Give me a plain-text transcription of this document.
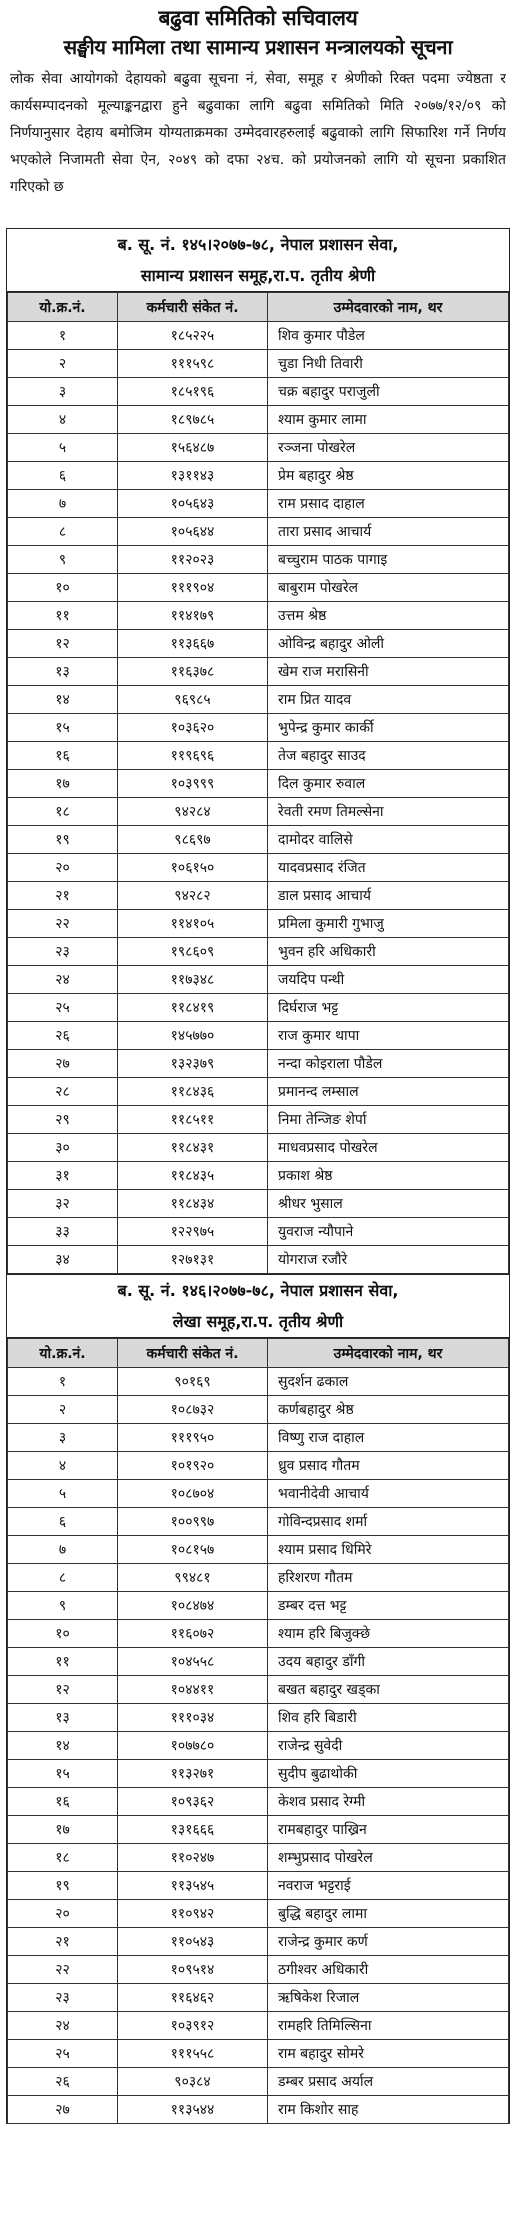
बढुवा समितिको सचिवालय
सङ्घीय मामिला तथा सामान्य प्रशासन मन्त्रालयको सूचना
लोक सेवा आयोगको देहायको बढुवा सूचना नं, सेवा, समूह र श्रेणीको रिक्त पदमा ज्येष्ठता र कार्यसम्पादनको मूल्याङ्कनद्वारा हुने बढुवाका लागि बढुवा समितिको मिति २०७७/१२/०९ को निर्णयानुसार देहाय बमोजिम योग्यताक्रमका उम्मेदवारहरुलाई बढुवाको लागि सिफारिश गर्ने निर्णय भएकोले निजामती सेवा ऐन, २०४९ को दफा २४च. को प्रयोजनको लागि यो सूचना प्रकाशित गरिएको छ
ब. सू. नं. १४५।२०७७-७८, नेपाल प्रशासन सेवा,
सामान्य प्रशासन समूह,रा.प. तृतीय श्रेणी
यो.क्र.नं.	कर्मचारी संकेत नं.	उम्मेदवारको नाम, थर
१	१८५२२५	शिव कुमार पौडेल
२	१११५९८	चुडा निधी तिवारी
३	१८५१९६	चक्र बहादुर पराजुली
४	१८९७८५	श्याम कुमार लामा
५	१५६४८७	रञ्जना पोखरेल
६	१३११४३	प्रेम बहादुर श्रेष्ठ
७	१०५६४३	राम प्रसाद दाहाल
८	१०५६४४	तारा प्रसाद आचार्य
९	११२०२३	बच्चुराम पाठक पागाइ
१०	१११९०४	बाबुराम पोखरेल
११	११४१७९	उत्तम श्रेष्ठ
१२	११३६६७	ओविन्द्र बहादुर ओली
१३	११६३७८	खेम राज मरासिनी
१४	९६९८५	राम प्रित यादव
१५	१०३६२०	भुपेन्द्र कुमार कार्की
१६	११९६९६	तेज बहादुर साउद
१७	१०३९९९	दिल कुमार रुवाल
१८	९४२८४	रेवती रमण तिमल्सेना
१९	९८६९७	दामोदर वालिसे
२०	१०६१५०	यादवप्रसाद रंजित
२१	९४२८२	डाल प्रसाद आचार्य
२२	११४१०५	प्रमिला कुमारी गुभाजु
२३	१९८६०९	भुवन हरि अधिकारी
२४	११७३४८	जयदिप पन्थी
२५	११८४१९	दिर्घराज भट्ट
२६	१४५७७०	राज कुमार थापा
२७	१३२३७९	नन्दा कोइराला पौडेल
२८	११८४३६	प्रमानन्द लम्साल
२९	११८५११	निमा तेन्जिङ शेर्पा
३०	११८४३१	माधवप्रसाद पोखरेल
३१	११८४३५	प्रकाश श्रेष्ठ
३२	११८४३४	श्रीधर भुसाल
३३	१२२९७५	युवराज न्यौपाने
३४	१२७१३१	योगराज रजौरे
ब. सू. नं. १४६।२०७७-७८, नेपाल प्रशासन सेवा,
लेखा समूह,रा.प. तृतीय श्रेणी
यो.क्र.नं.	कर्मचारी संकेत नं.	उम्मेदवारको नाम, थर
१	९०१६९	सुदर्शन ढकाल
२	१०८७३२	कर्णबहादुर श्रेष्ठ
३	१११९५०	विष्णु राज दाहाल
४	१०१९२०	ध्रुव प्रसाद गौतम
५	१०८७०४	भवानीदेवी आचार्य
६	१००९९७	गोविन्दप्रसाद शर्मा
७	१०८१५७	श्याम प्रसाद धिमिरे
८	९९४८१	हरिशरण गौतम
९	१०८४७४	डम्बर दत्त भट्ट
१०	११६०७२	श्याम हरि बिजुक्छे
११	१०४५५८	उदय बहादुर डाँगी
१२	१०४४११	बखत बहादुर खड्का
१३	१११०३४	शिव हरि बिडारी
१४	१०७७८०	राजेन्द्र सुवेदी
१५	११३२७१	सुदीप बुढाथोकी
१६	१०९३६२	केशव प्रसाद रेग्मी
१७	१३१६६६	रामबहादुर पाख्रिन
१८	११०२४७	शम्भुप्रसाद पोखरेल
१९	११३५४५	नवराज भट्टराई
२०	११०९४२	बुद्धि बहादुर लामा
२१	११०५४३	राजेन्द्र कुमार कर्ण
२२	१०९५१४	ठगीश्वर अधिकारी
२३	११६४६२	ऋषिकेश रिजाल
२४	१०३९१२	रामहरि तिमिल्सिना
२५	१११५५८	राम बहादुर सोमरे
२६	९०३८४	डम्बर प्रसाद अर्याल
२७	११३५४४	राम किशोर साह
